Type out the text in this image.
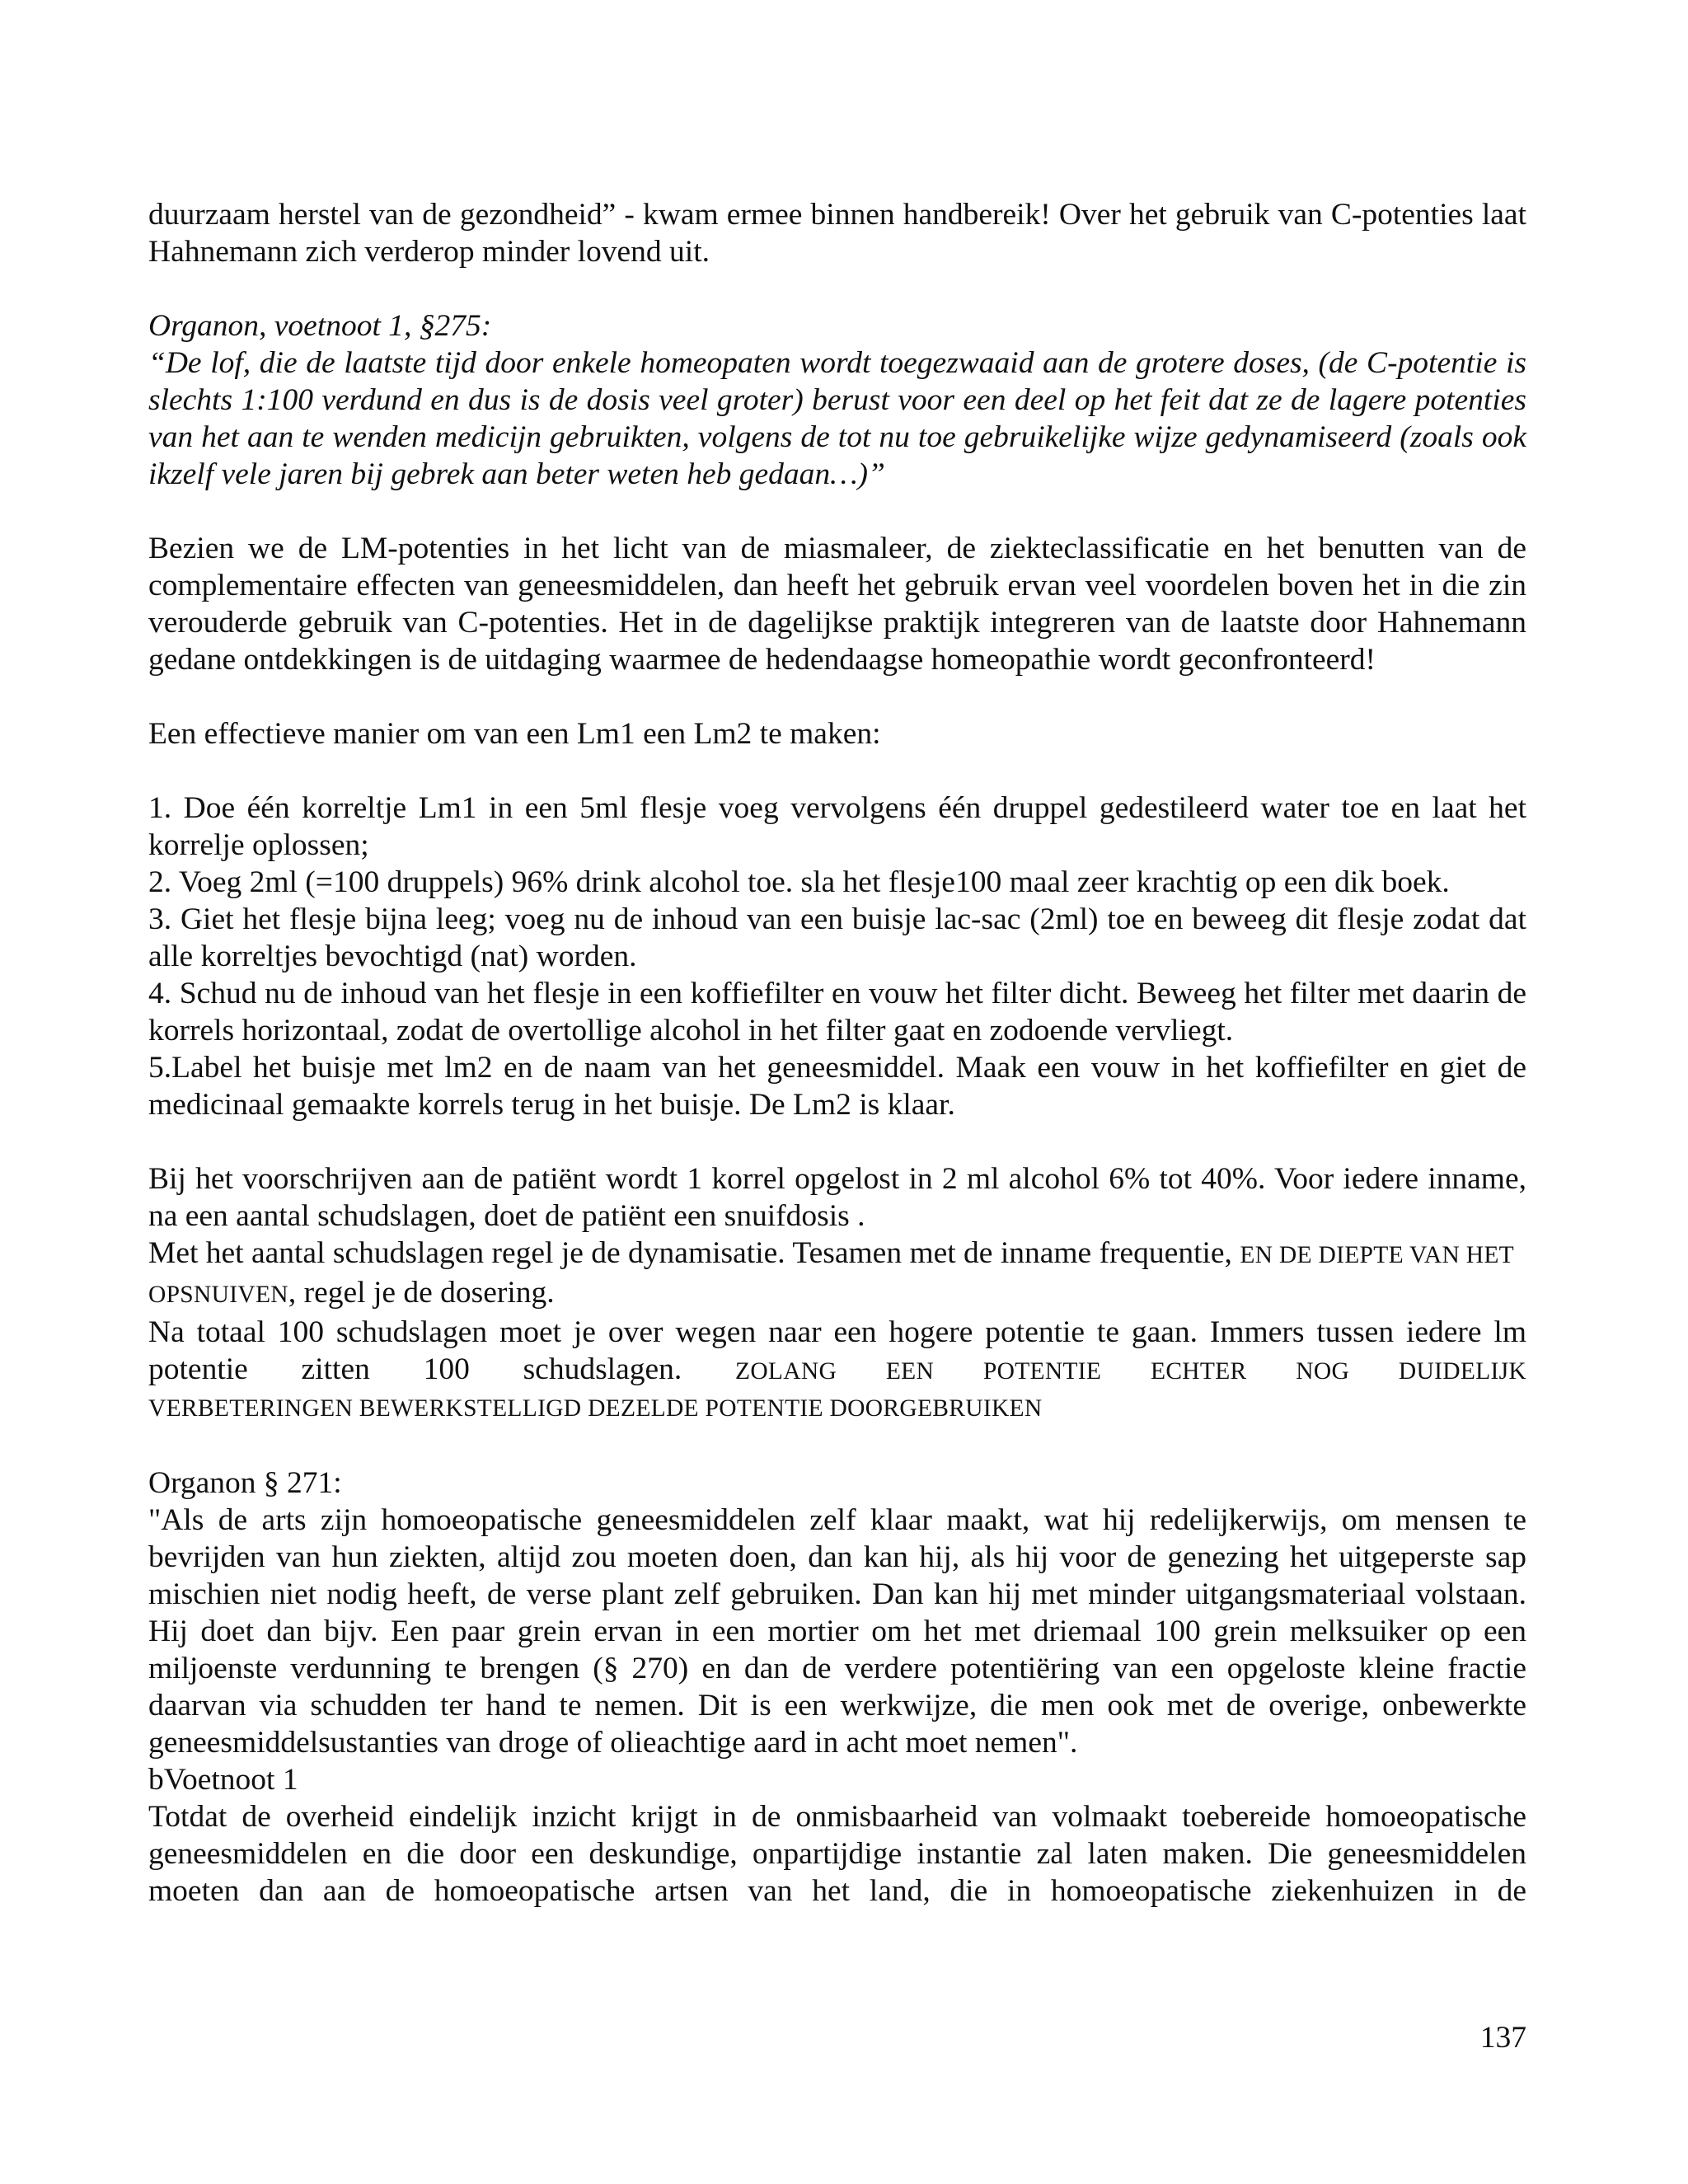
duurzaam herstel van de gezondheid” - kwam ermee binnen handbereik! Over het gebruik van C-potenties laat Hahnemann zich verderop minder lovend uit.

Organon, voetnoot 1, §275:

“De lof, die de laatste tijd door enkele homeopaten wordt toegezwaaid aan de grotere doses, (de C-potentie is slechts 1:100 verdund en dus is de dosis veel groter) berust voor een deel op het feit dat ze de lagere potenties van het aan te wenden medicijn gebruikten, volgens de tot nu toe gebruikelijke wijze gedynamiseerd (zoals ook ikzelf vele jaren bij gebrek aan beter weten heb gedaan…)”

Bezien we de LM-potenties in het licht van de miasmaleer, de ziekteclassificatie en het benutten van de complementaire effecten van geneesmiddelen, dan heeft het gebruik ervan veel voordelen boven het in die zin verouderde gebruik van C-potenties. Het in de dagelijkse praktijk integreren van de laatste door Hahnemann gedane ontdekkingen is de uitdaging waarmee de hedendaagse homeopathie wordt geconfronteerd!

Een effectieve manier om van een Lm1 een Lm2 te maken:

1. Doe één korreltje Lm1 in een 5ml flesje voeg vervolgens één druppel gedestileerd water toe en laat het korrelje oplossen;

2. Voeg 2ml (=100 druppels) 96% drink alcohol toe. sla het flesje100 maal zeer krachtig op een dik boek.

3. Giet het flesje bijna leeg; voeg nu de inhoud van een buisje lac-sac (2ml) toe en beweeg dit flesje zodat dat alle korreltjes bevochtigd (nat) worden.

4. Schud nu de inhoud van het flesje in een koffiefilter en vouw het filter dicht. Beweeg het filter met daarin de korrels horizontaal, zodat de overtollige alcohol in het filter gaat en zodoende vervliegt.

5.Label het buisje met lm2 en de naam van het geneesmiddel. Maak een vouw in het koffiefilter en giet de medicinaal gemaakte korrels terug in het buisje. De Lm2 is klaar.

Bij het voorschrijven aan de patiënt wordt 1 korrel opgelost in 2 ml alcohol 6% tot 40%. Voor iedere inname, na een aantal schudslagen, doet de patiënt een snuifdosis .

Met het aantal schudslagen regel je de dynamisatie. Tesamen met de inname frequentie, EN DE DIEPTE VAN HET OPSNUIVEN, regel je de dosering.

Na totaal 100 schudslagen moet je over wegen naar een hogere potentie te gaan. Immers tussen iedere lm potentie zitten 100 schudslagen. ZOLANG EEN POTENTIE ECHTER NOG DUIDELIJK

VERBETERINGEN BEWERKSTELLIGD DEZELDE POTENTIE DOORGEBRUIKEN

Organon § 271:

"Als de arts zijn homoeopatische geneesmiddelen zelf klaar maakt, wat hij redelijkerwijs, om mensen te bevrijden van hun ziekten, altijd zou moeten doen, dan kan hij, als hij voor de genezing het uitgeperste sap mischien niet nodig heeft, de verse plant zelf gebruiken. Dan kan hij met minder uitgangsmateriaal volstaan. Hij doet dan bijv. Een paar grein ervan in een mortier om het met driemaal 100 grein melksuiker op een miljoenste verdunning te brengen (§ 270) en dan de verdere potentiëring van een opgeloste kleine fractie daarvan via schudden ter hand te nemen. Dit is een werkwijze, die men ook met de overige, onbewerkte geneesmiddelsustanties van droge of olieachtige aard in acht moet nemen".

bVoetnoot 1

Totdat de overheid eindelijk inzicht krijgt in de onmisbaarheid van volmaakt toebereide homoeopatische geneesmiddelen en die door een deskundige, onpartijdige instantie zal laten maken. Die geneesmiddelen moeten dan aan de homoeopatische artsen van het land, die in homoeopatische ziekenhuizen in de

137
